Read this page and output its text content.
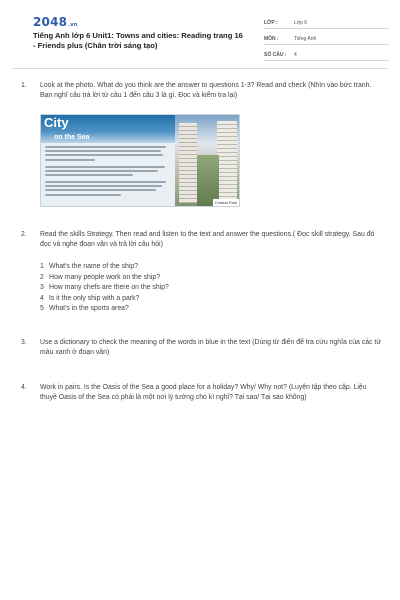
2048.vn
Tiếng Anh lớp 6 Unit1: Towns and cities: Reading trang 16 - Friends plus (Chân trời sáng tạo)
LỚP :	Lớp 6
MÔN :	Tiếng Anh
SỐ CÂU :	4
1. Look at the photo. What do you think are the answer to questions 1-3? Read and check (Nhìn vào bức tranh. Bạn nghĩ câu trả lời từ câu 1 đến câu 3 là gì. Đọc và kiểm tra lại)
City
on the Sea
Central Park
2. Read the skills Strategy. Then read and listen to the text and answer the questions.( Đọc skill strategy. Sau đó đọc và nghe đoạn văn và trả lời câu hỏi)
1 What's the name of the ship?
2 How many people work on the ship?
3 How many chefs are there on the ship?
4 Is it the only ship with a park?
5 What's in the sports area?
3. Use a dictionary to check the meaning of the words in blue in the text (Dùng từ điển để tra cứu nghĩa của các từ màu xanh ở đoạn văn)
4. Work in pairs. Is the Oasis of the Sea a good place for a holiday? Why/ Why not? (Luyện tập theo cặp. Liệu thuyề Oasis of the Sea có phải là một nơi lý tưởng cho kì nghỉ? Tại sao/ Tại sao không)
